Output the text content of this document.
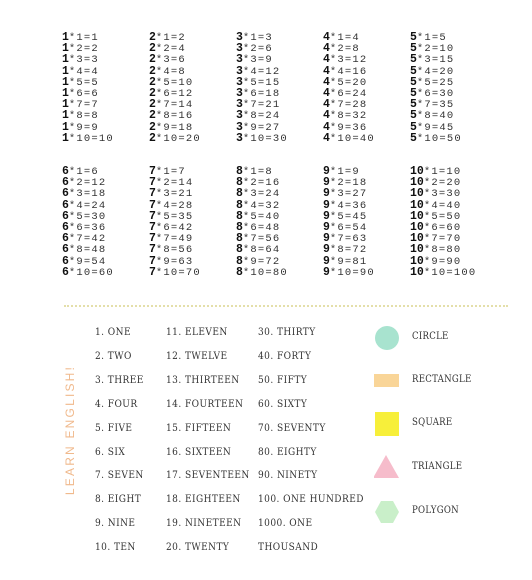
1*1=1
1*2=2
1*3=3
1*4=4
1*5=5
1*6=6
1*7=7
1*8=8
1*9=9
1*10=10
2*1=2
2*2=4
2*3=6
2*4=8
2*5=10
2*6=12
2*7=14
2*8=16
2*9=18
2*10=20
3*1=3
3*2=6
3*3=9
3*4=12
3*5=15
3*6=18
3*7=21
3*8=24
3*9=27
3*10=30
4*1=4
4*2=8
4*3=12
4*4=16
4*5=20
4*6=24
4*7=28
4*8=32
4*9=36
4*10=40
5*1=5
5*2=10
5*3=15
5*4=20
5*5=25
5*6=30
5*7=35
5*8=40
5*9=45
5*10=50
6*1=6
6*2=12
6*3=18
6*4=24
6*5=30
6*6=36
6*7=42
6*8=48
6*9=54
6*10=60
7*1=7
7*2=14
7*3=21
7*4=28
7*5=35
7*6=42
7*7=49
7*8=56
7*9=63
7*10=70
8*1=8
8*2=16
8*3=24
8*4=32
8*5=40
8*6=48
8*7=56
8*8=64
8*9=72
8*10=80
9*1=9
9*2=18
9*3=27
9*4=36
9*5=45
9*6=54
9*7=63
9*8=72
9*9=81
9*10=90
10*1=10
10*2=20
10*3=30
10*4=40
10*5=50
10*6=60
10*7=70
10*8=80
10*9=90
10*10=100
LEARN ENGLISH!
1. ONE
2. TWO
3. THREE
4. FOUR
5. FIVE
6. SIX
7. SEVEN
8. EIGHT
9. NINE
10. TEN
11. ELEVEN
12. TWELVE
13. THIRTEEN
14. FOURTEEN
15. FIFTEEN
16. SIXTEEN
17. SEVENTEEN
18. EIGHTEEN
19. NINETEEN
20. TWENTY
30. THIRTY
40. FORTY
50. FIFTY
60. SIXTY
70. SEVENTY
80. EIGHTY
90. NINETY
100. ONE HUNDRED
1000. ONE
THOUSAND
CIRCLE
RECTANGLE
SQUARE
TRIANGLE
POLYGON
